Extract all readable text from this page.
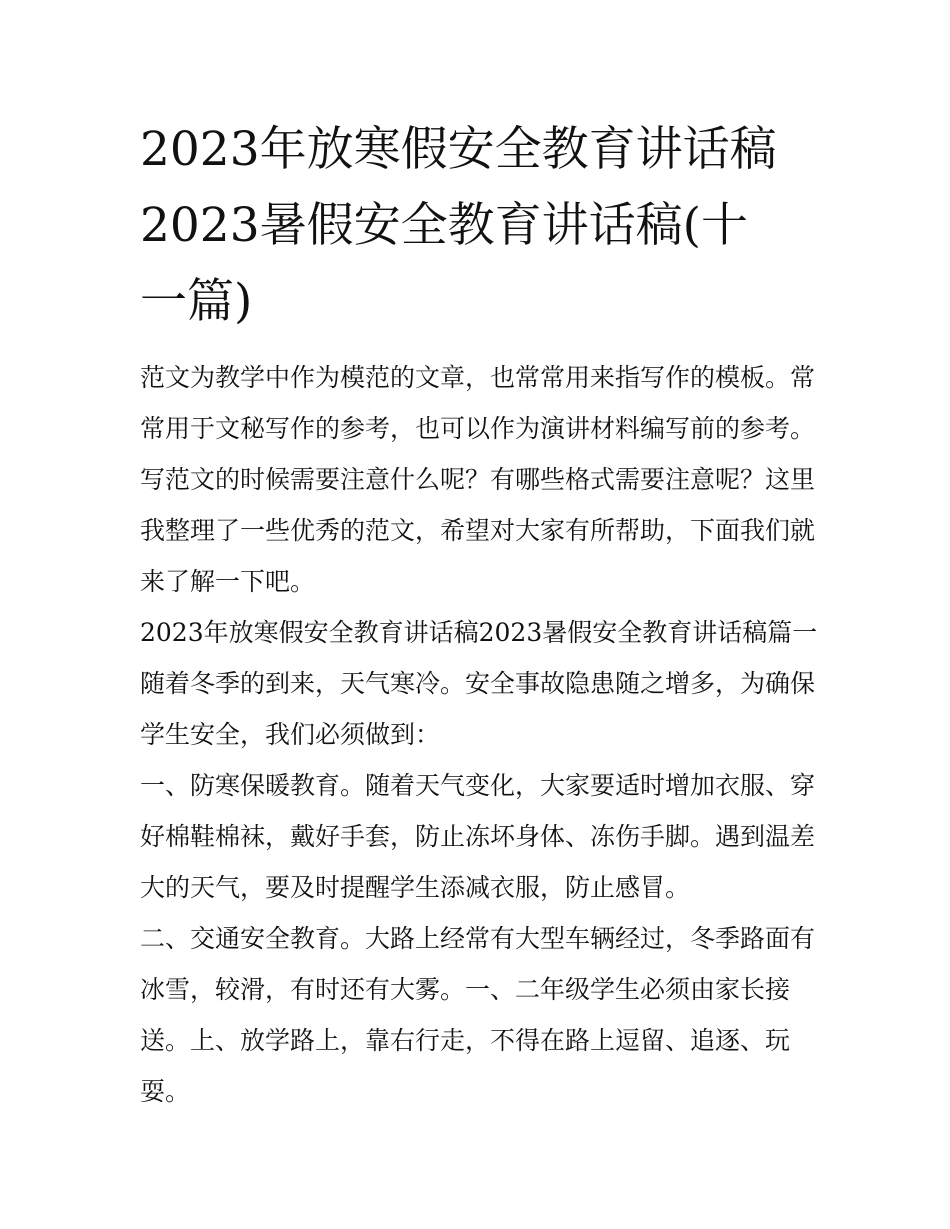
2023年放寒假安全教育讲话稿
2023暑假安全教育讲话稿(十
一篇)

范文为教学中作为模范的文章，也常常用来指写作的模板。常
常用于文秘写作的参考，也可以作为演讲材料编写前的参考。
写范文的时候需要注意什么呢？有哪些格式需要注意呢？这里
我整理了一些优秀的范文，希望对大家有所帮助，下面我们就
来了解一下吧。

2023年放寒假安全教育讲话稿2023暑假安全教育讲话稿篇一

随着冬季的到来，天气寒冷。安全事故隐患随之增多，为确保
学生安全，我们必须做到：

一、防寒保暖教育。随着天气变化，大家要适时增加衣服、穿
好棉鞋棉袜，戴好手套，防止冻坏身体、冻伤手脚。遇到温差
大的天气，要及时提醒学生添减衣服，防止感冒。

二、交通安全教育。大路上经常有大型车辆经过，冬季路面有
冰雪，较滑，有时还有大雾。一、二年级学生必须由家长接
送。上、放学路上，靠右行走，不得在路上逗留、追逐、玩
耍。
